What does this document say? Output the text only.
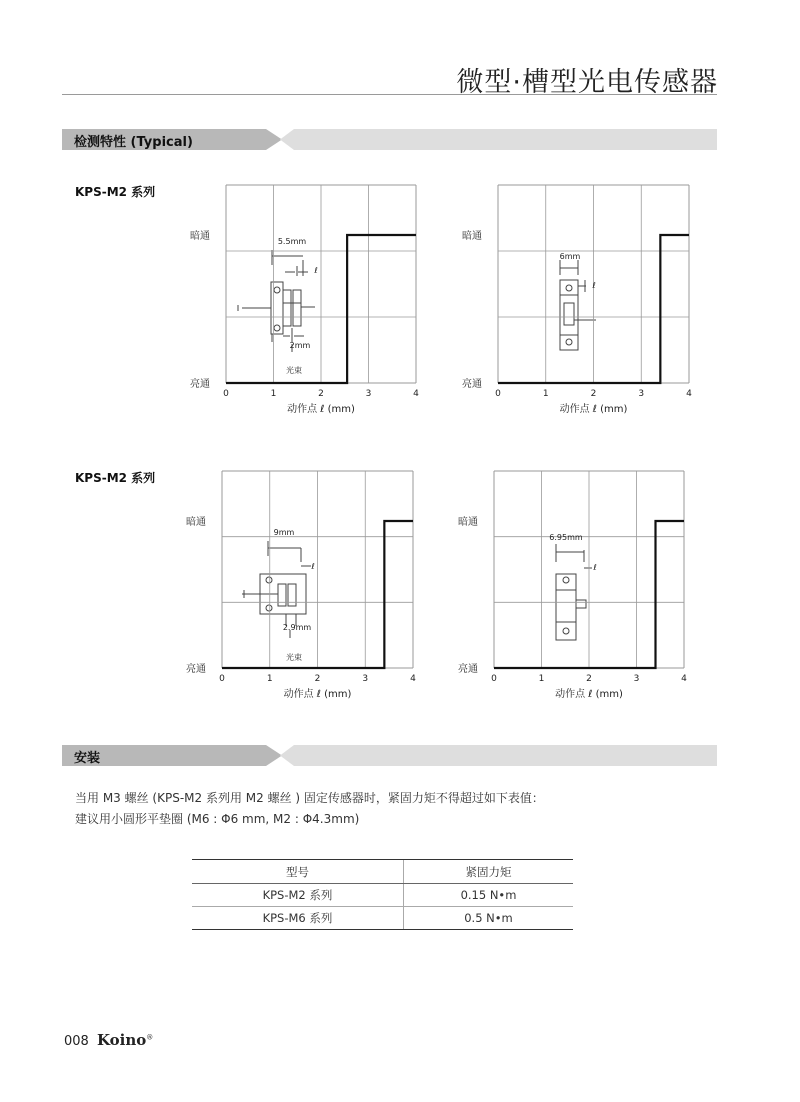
微型·槽型光电传感器
检测特性 (Typical)
KPS-M2 系列
KPS-M2 系列
0	1	2	3	4
亮通
暗通
动作点 ℓ (mm)
5.5mm
ℓ
2mm
光束
0	1	2	3	4
亮通
暗通
动作点 ℓ (mm)
6mm
ℓ
0	1	2	3	4
亮通
暗通
动作点 ℓ (mm)
9mm
ℓ
2.9mm
光束
0	1	2	3	4
亮通
暗通
动作点 ℓ (mm)
6.95mm
ℓ
安装
当用 M3 螺丝 (KPS-M2 系列用 M2 螺丝 ) 固定传感器时，紧固力矩不得超过如下表值：
建议用小圆形平垫圈 (M6 : Φ6 mm, M2 : Φ4.3mm)
型号	紧固力矩
KPS-M2 系列	0.15 N•m
KPS-M6 系列	0.5 N•m
008 Koino®
